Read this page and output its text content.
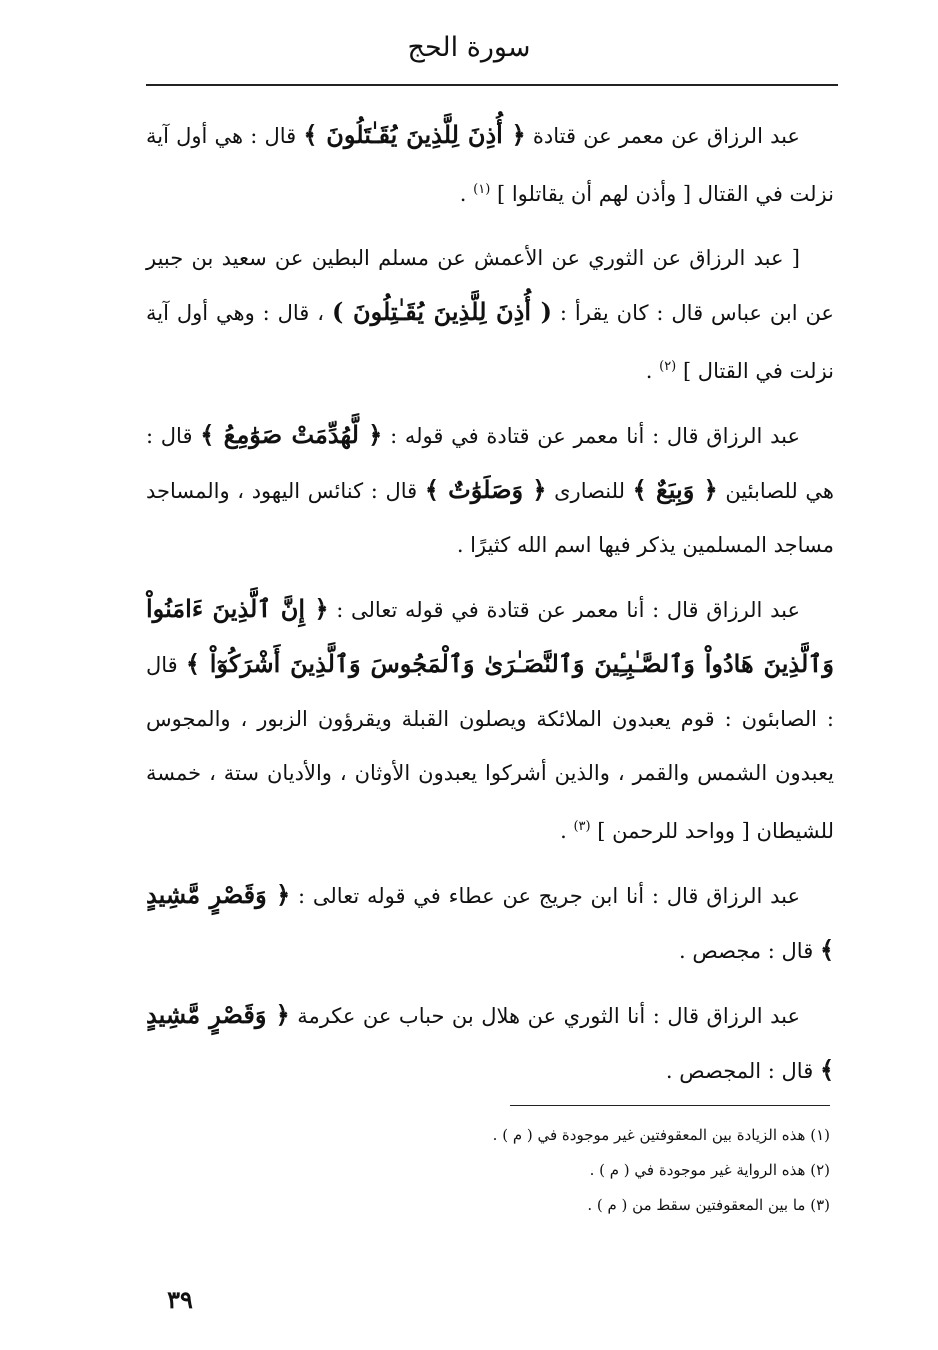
سورة الحج

عبد الرزاق عن معمر عن قتادة ﴿ أُذِنَ لِلَّذِينَ يُقَـٰتَلُونَ ﴾ قال : هي أول آية نزلت في القتال [ وأذن لهم أن يقاتلوا ] $^{(١)}$ .

[ عبد الرزاق عن الثوري عن الأعمش عن مسلم البطين عن سعيد بن جبير عن ابن عباس قال : كان يقرأ : ( أُذِنَ لِلَّذِينَ يُقَـٰتِلُونَ ) ، قال : وهي أول آية نزلت في القتال ] $^{(٢)}$ .

عبد الرزاق قال : أنا معمر عن قتادة في قوله : ﴿ لَّهُدِّمَتْ صَوَٰمِعُ ﴾ قال : هي للصابئين ﴿ وَبِيَعٌ ﴾ للنصارى ﴿ وَصَلَوَٰتٌ ﴾ قال : كنائس اليهود ، والمساجد مساجد المسلمين يذكر فيها اسم الله كثيرًا .

عبد الرزاق قال : أنا معمر عن قتادة في قوله تعالى : ﴿ إِنَّ ٱلَّذِينَ ءَامَنُواْ وَٱلَّذِينَ هَادُواْ وَٱلصَّـٰبِـِٔينَ وَٱلنَّصَـٰرَىٰ وَٱلْمَجُوسَ وَٱلَّذِينَ أَشْرَكُوٓاْ ﴾ قال : الصابئون : قوم يعبدون الملائكة ويصلون القبلة ويقرؤون الزبور ، والمجوس يعبدون الشمس والقمر ، والذين أشركوا يعبدون الأوثان ، والأديان ستة ، خمسة للشيطان [ وواحد للرحمن ] $^{(٣)}$ .

عبد الرزاق قال : أنا ابن جريج عن عطاء في قوله تعالى : ﴿ وَقَصْرٍ مَّشِيدٍ ﴾ قال : مجصص .

عبد الرزاق قال : أنا الثوري عن هلال بن حباب عن عكرمة ﴿ وَقَصْرٍ مَّشِيدٍ ﴾ قال : المجصص .

(١) هذه الزيادة بين المعقوفتين غير موجودة في ( م ) .
(٢) هذه الرواية غير موجودة في ( م ) .
(٣) ما بين المعقوفتين سقط من ( م ) .
٣٩
